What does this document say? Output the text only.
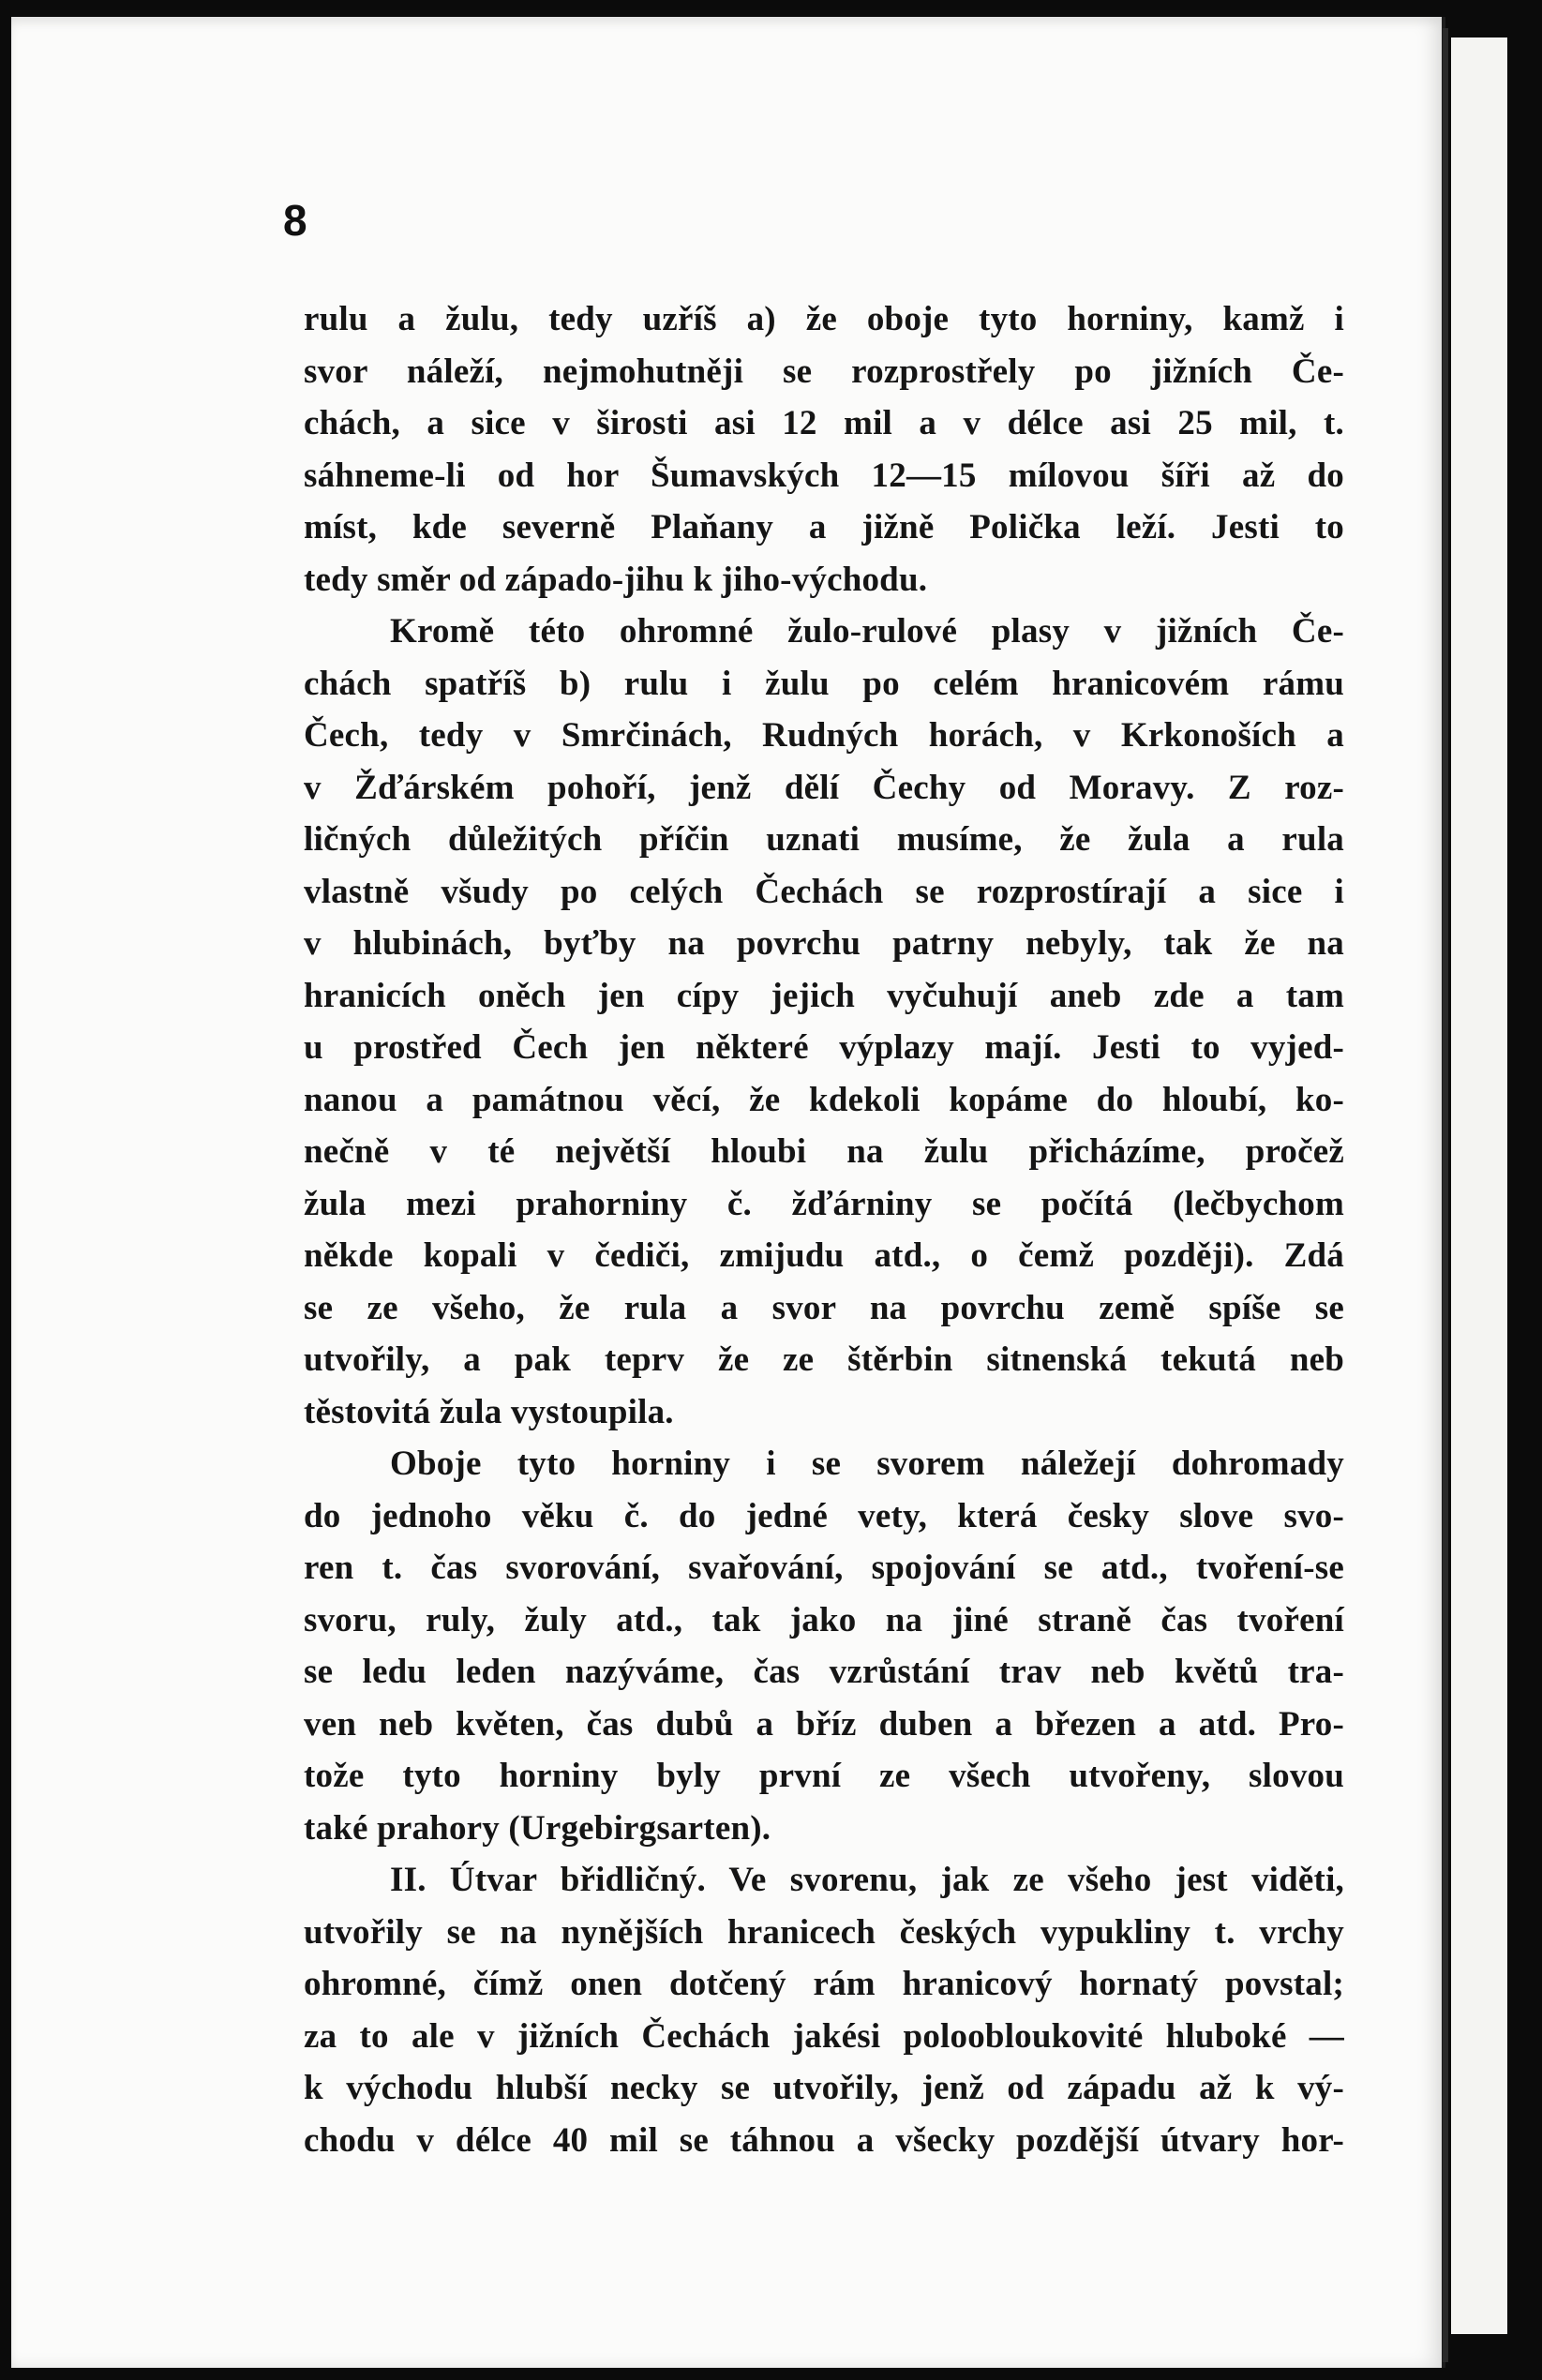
8
rulu a žulu, tedy uzříš a) že oboje tyto horniny, kamž i
svor náleží, nejmohutněji se rozprostřely po jižních Če-
chách, a sice v širosti asi 12 mil a v délce asi 25 mil, t.
sáhneme-li od hor Šumavských 12—15 mílovou šíři až do
míst, kde severně Plaňany a jižně Polička leží. Jesti to
tedy směr od západo-jihu k jiho-východu.
Kromě této ohromné žulo-rulové plasy v jižních Če-
chách spatříš b) rulu i žulu po celém hranicovém rámu
Čech, tedy v Smrčinách, Rudných horách, v Krkonoších a
v Žďárském pohoří, jenž dělí Čechy od Moravy. Z roz-
ličných důležitých příčin uznati musíme, že žula a rula
vlastně všudy po celých Čechách se rozprostírají a sice i
v hlubinách, byťby na povrchu patrny nebyly, tak že na
hranicích oněch jen cípy jejich vyčuhují aneb zde a tam
u prostřed Čech jen některé výplazy mají. Jesti to vyjed-
nanou a památnou věcí, že kdekoli kopáme do hloubí, ko-
nečně v té největší hloubi na žulu přicházíme, pročež
žula mezi prahorniny č. žďárniny se počítá (lečbychom
někde kopali v čediči, zmijudu atd., o čemž později). Zdá
se ze všeho, že rula a svor na povrchu země spíše se
utvořily, a pak teprv že ze štěrbin sitnenská tekutá neb
těstovitá žula vystoupila.
Oboje tyto horniny i se svorem náležejí dohromady
do jednoho věku č. do jedné vety, která česky slove svo-
ren t. čas svorování, svařování, spojování se atd., tvoření-se
svoru, ruly, žuly atd., tak jako na jiné straně čas tvoření
se ledu leden nazýváme, čas vzrůstání trav neb květů tra-
ven neb květen, čas dubů a bříz duben a březen a atd. Pro-
tože tyto horniny byly první ze všech utvořeny, slovou
také prahory (Urgebirgsarten).
II. Útvar břidličný. Ve svorenu, jak ze všeho jest viděti,
utvořily se na nynějších hranicech českých vypukliny t. vrchy
ohromné, čímž onen dotčený rám hranicový hornatý povstal;
za to ale v jižních Čechách jakési poloobloukovité hluboké —
k východu hlubší necky se utvořily, jenž od západu až k vý-
chodu v délce 40 mil se táhnou a všecky pozdější útvary hor-
